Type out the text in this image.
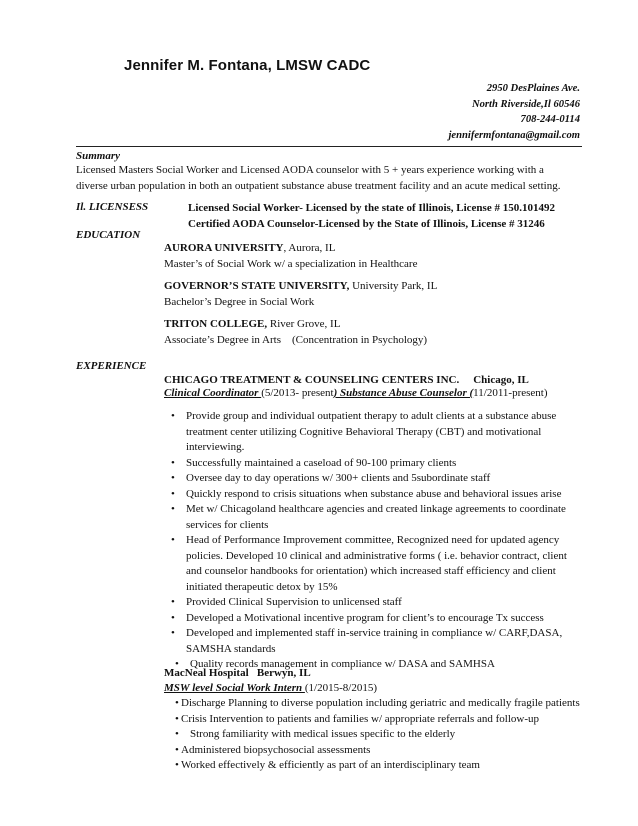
Jennifer M. Fontana, LMSW CADC
2950 DesPlaines Ave.
North Riverside,Il 60546
708-244-0114
jennifermfontana@gmail.com
Summary
Licensed Masters Social Worker and Licensed AODA counselor with 5 + years experience working with a
diverse urban population in both an outpatient substance abuse treatment facility and an acute medical setting.
Il. LICENSESS	Licensed Social Worker- Licensed by the state of Illinois, License # 150.101492
Certified AODA Counselor-Licensed by the State of Illinois, License # 31246
EDUCATION
AURORA UNIVERSITY, Aurora, IL
Master’s of Social Work w/ a specialization in Healthcare
GOVERNOR’S STATE UNIVERSITY, University Park, IL
Bachelor’s Degree in Social Work
TRITON COLLEGE, River Grove, IL
Associate’s Degree in Arts    (Concentration in Psychology)
EXPERIENCE
CHICAGO TREATMENT & COUNSELING CENTERS INC. Chicago, IL
Clinical Coordinator (5/2013- present) Substance Abuse Counselor (11/2011-present)
• Provide group and individual outpatient therapy to adult clients at a substance abuse treatment center utilizing Cognitive Behavioral Therapy (CBT) and motivational interviewing.
• Successfully maintained a caseload of 90-100 primary clients
• Oversee day to day operations w/ 300+ clients and 5subordinate staff
• Quickly respond to crisis situations when substance abuse and behavioral issues arise
• Met w/ Chicagoland healthcare agencies and created linkage agreements to coordinate services for clients
• Head of Performance Improvement committee, Recognized need for updated agency policies. Developed 10 clinical and administrative forms ( i.e. behavior contract, client and counselor handbooks for orientation) which increased staff efficiency and client initiated therapeutic detox by 15%
• Provided Clinical Supervision to unlicensed staff
• Developed a Motivational incentive program for client’s to encourage Tx success
• Developed and implemented staff in-service training in compliance w/ CARF,DASA, SAMSHA standards
• Quality records management in compliance w/ DASA and SAMHSA
MacNeal Hospital   Berwyn, IL
MSW level Social Work Intern (1/2015-8/2015)
• Discharge Planning to diverse population including geriatric and medically fragile patients
• Crisis Intervention to patients and families w/ appropriate referrals and follow-up
• Strong familiarity with medical issues specific to the elderly
• Administered biopsychosocial assessments
• Worked effectively & efficiently as part of an interdisciplinary team
